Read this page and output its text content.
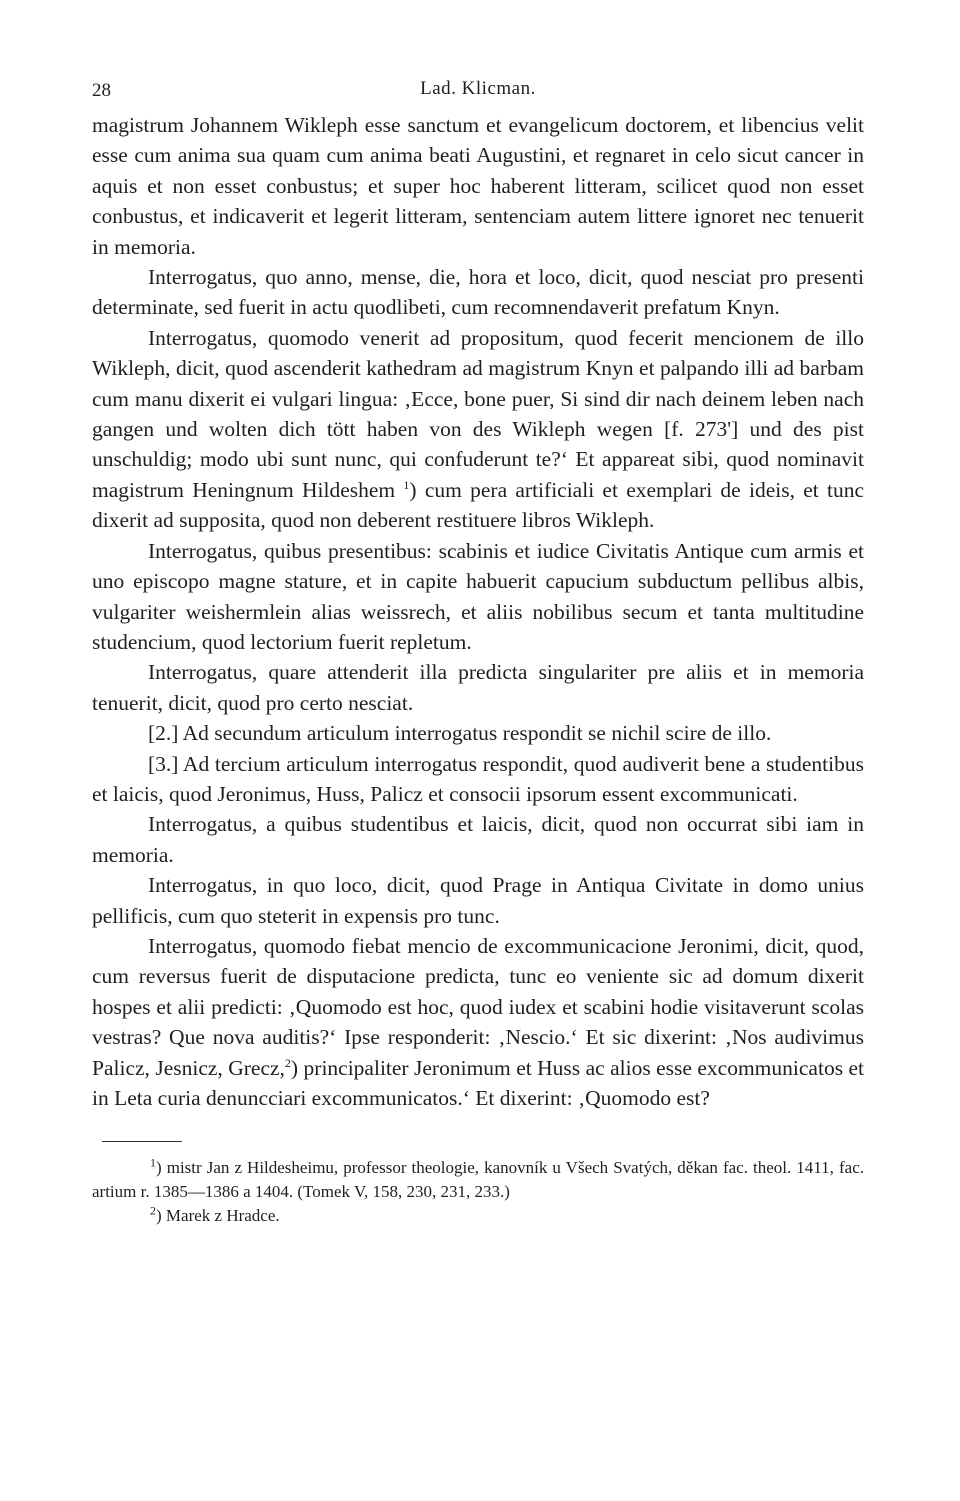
28	Lad. Klicman.

magistrum Johannem Wikleph esse sanctum et evangelicum doctorem, et libencius velit esse cum anima sua quam cum anima beati Augustini, et regnaret in celo sicut cancer in aquis et non esset conbustus; et super hoc haberent litteram, scilicet quod non esset conbustus, et indicaverit et legerit litteram, sentenciam autem littere ignoret nec tenuerit in memoria.

Interrogatus, quo anno, mense, die, hora et loco, dicit, quod nesciat pro presenti determinate, sed fuerit in actu quodlibeti, cum recomnendaverit prefatum Knyn.

Interrogatus, quomodo venerit ad propositum, quod fecerit mencionem de illo Wikleph, dicit, quod ascenderit kathedram ad magistrum Knyn et palpando illi ad barbam cum manu dixerit ei vulgari lingua: ‚Ecce, bone puer, Si sind dir nach deinem leben nach gangen und wolten dich tött haben von des Wikleph wegen [f. 273'] und des pist unschuldig; modo ubi sunt nunc, qui confuderunt te?‘ Et appareat sibi, quod nominavit magistrum Heningnum Hildeshem $^1$) cum pera artificiali et exemplari de ideis, et tunc dixerit ad supposita, quod non deberent restituere libros Wikleph.

Interrogatus, quibus presentibus: scabinis et iudice Civitatis Antique cum armis et uno episcopo magne stature, et in capite habuerit capucium subductum pellibus albis, vulgariter weishermlein alias weissrech, et aliis nobilibus secum et tanta multitudine studencium, quod lectorium fuerit repletum.

Interrogatus, quare attenderit illa predicta singulariter pre aliis et in memoria tenuerit, dicit, quod pro certo nesciat.

[2.] Ad secundum articulum interrogatus respondit se nichil scire de illo.

[3.] Ad tercium articulum interrogatus respondit, quod audiverit bene a studentibus et laicis, quod Jeronimus, Huss, Palicz et consocii ipsorum essent excommunicati.

Interrogatus, a quibus studentibus et laicis, dicit, quod non occurrat sibi iam in memoria.

Interrogatus, in quo loco, dicit, quod Prage in Antiqua Civitate in domo unius pellificis, cum quo steterit in expensis pro tunc.

Interrogatus, quomodo fiebat mencio de excommunicacione Jeronimi, dicit, quod, cum reversus fuerit de disputacione predicta, tunc eo veniente sic ad domum dixerit hospes et alii predicti: ‚Quomodo est hoc, quod iudex et scabini hodie visitaverunt scolas vestras? Que nova auditis?‘ Ipse responderit: ‚Nescio.‘ Et sic dixerint: ‚Nos audivimus Palicz, Jesnicz, Grecz,$^2$) principaliter Jeronimum et Huss ac alios esse excommunicatos et in Leta curia denuncciari excommunicatos.‘ Et dixerint: ‚Quomodo est?

$^1$) mistr Jan z Hildesheimu, professor theologie, kanovník u Všech Svatých, děkan fac. theol. 1411, fac. artium r. 1385—1386 a 1404. (Tomek V, 158, 230, 231, 233.)

$^2$) Marek z Hradce.
